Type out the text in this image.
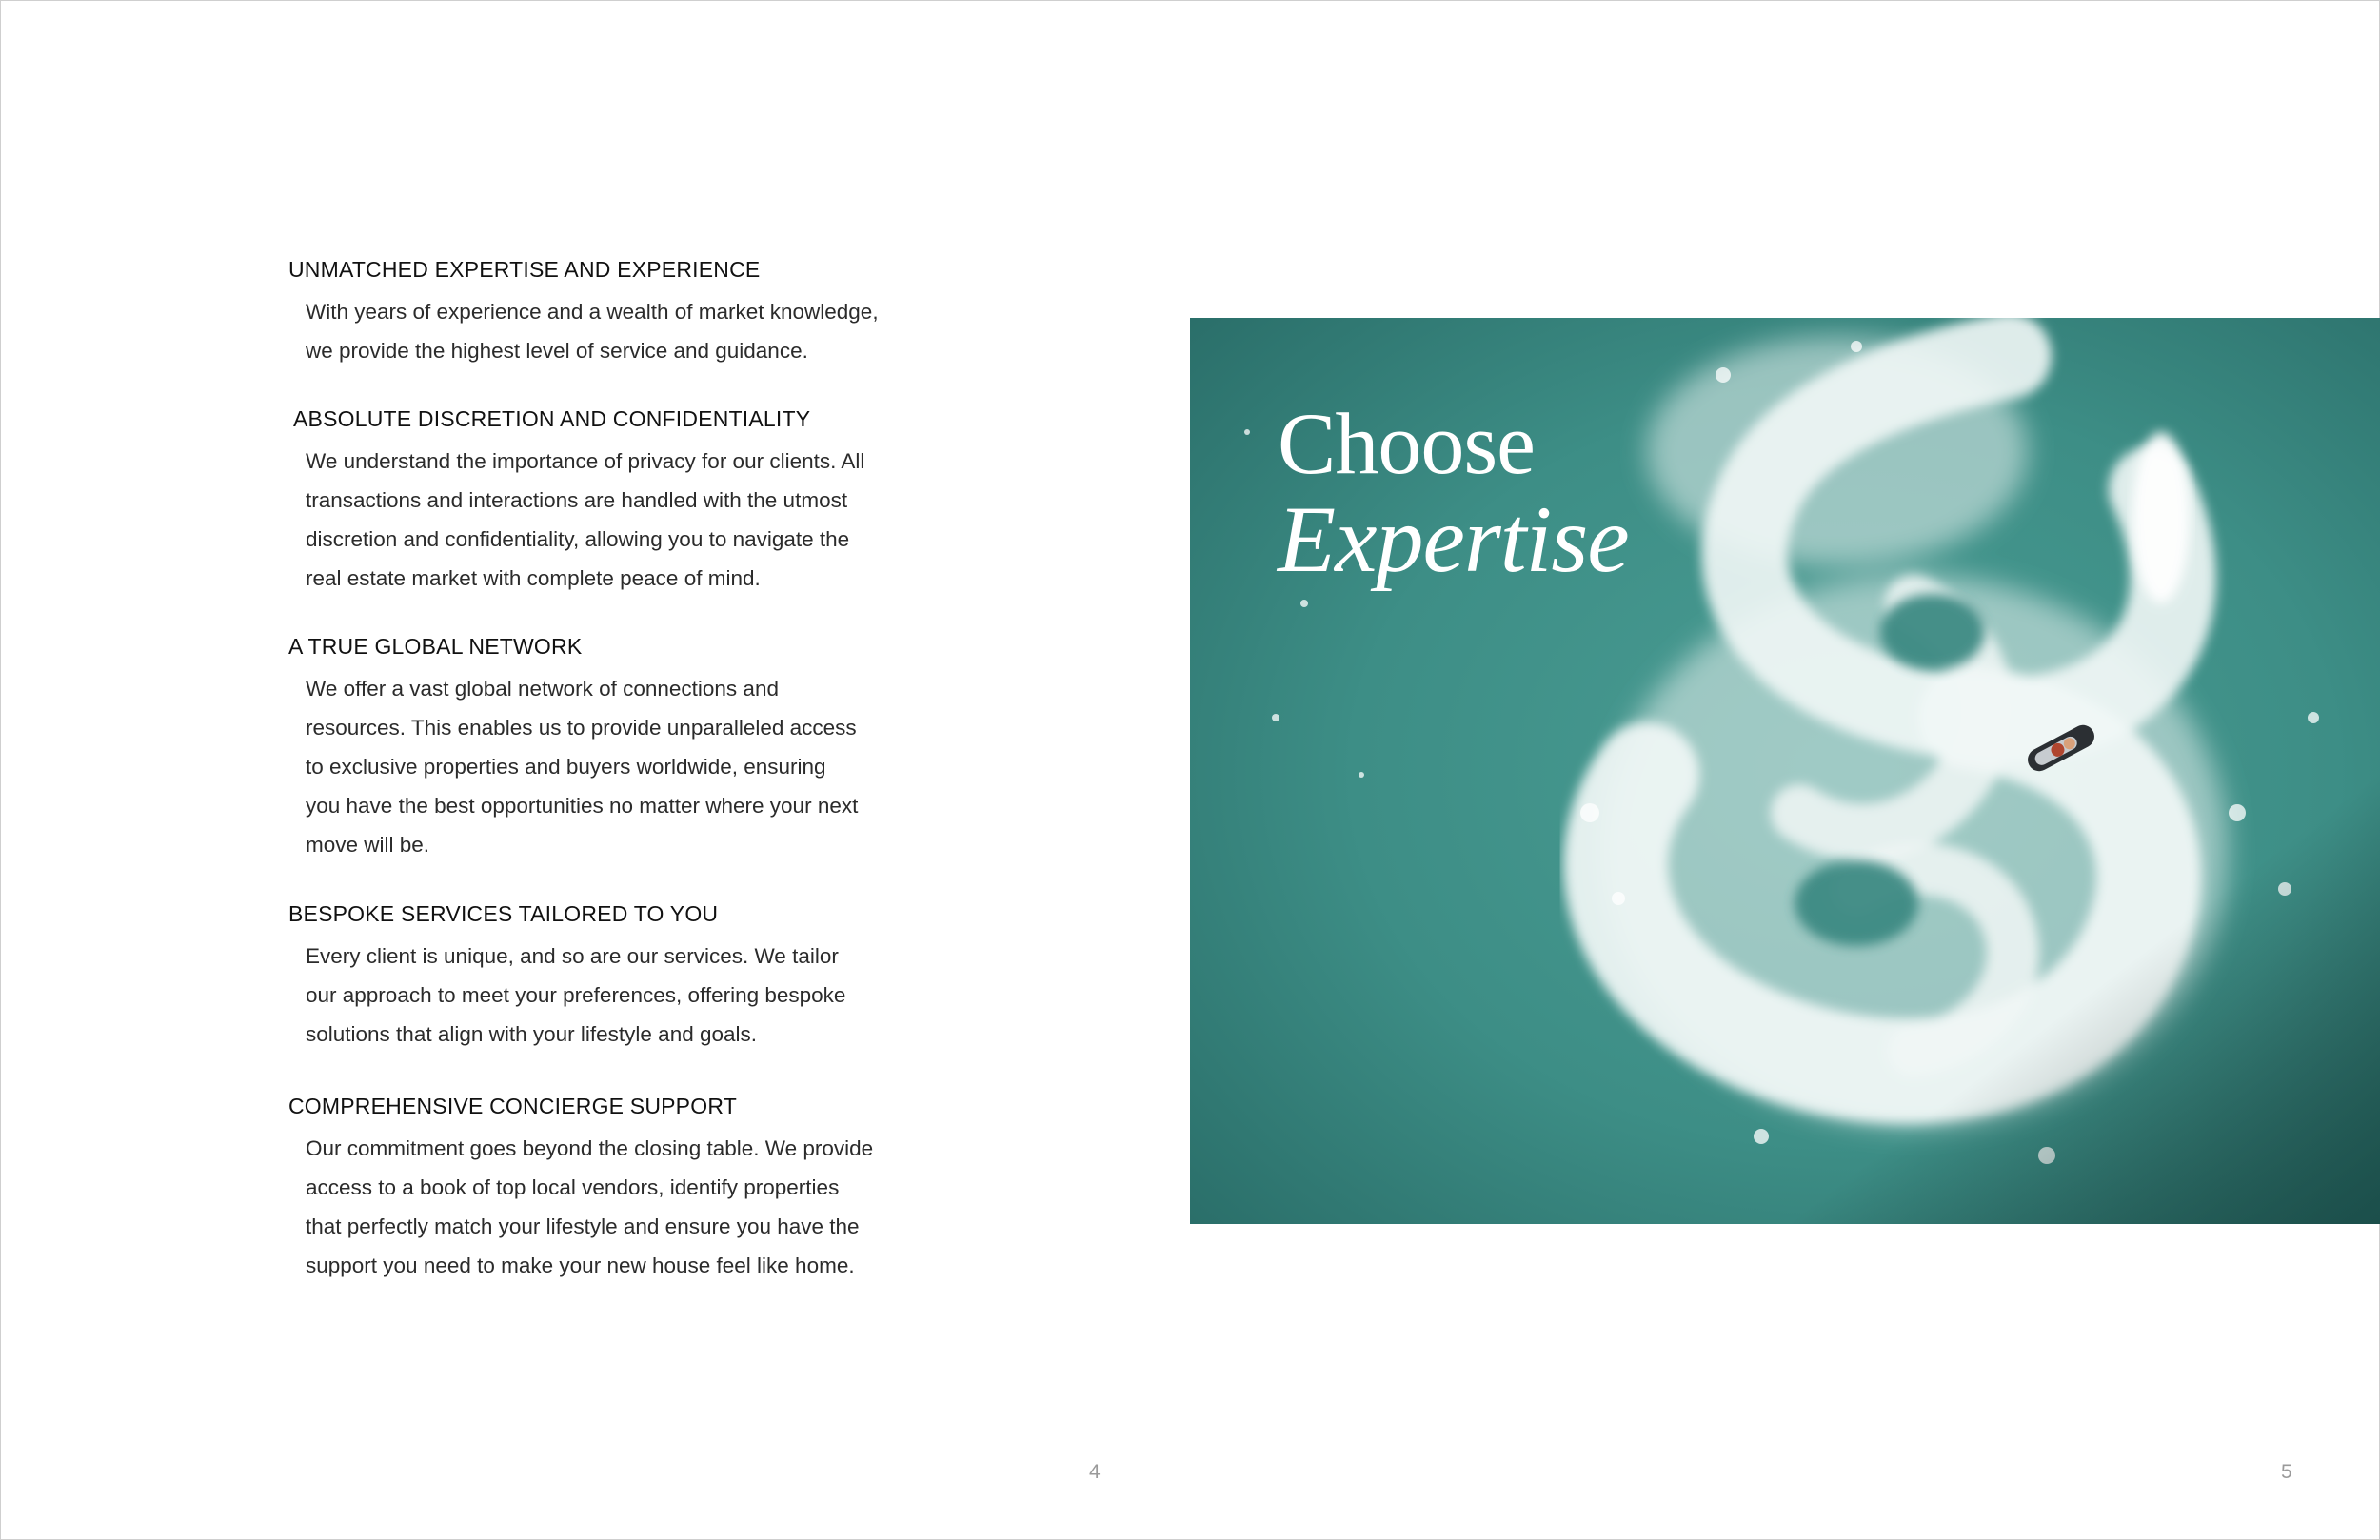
UNMATCHED EXPERTISE AND EXPERIENCE

With years of experience and a wealth of market knowledge,
we provide the highest level of service and guidance.

ABSOLUTE DISCRETION AND CONFIDENTIALITY

We understand the importance of privacy for our clients. All
transactions and interactions are handled with the utmost
discretion and confidentiality, allowing you to navigate the
real estate market with complete peace of mind.

A TRUE GLOBAL NETWORK

We offer a vast global network of connections and
resources. This enables us to provide unparalleled access
to exclusive properties and buyers worldwide, ensuring
you have the best opportunities no matter where your next
move will be.

BESPOKE SERVICES TAILORED TO YOU

Every client is unique, and so are our services. We tailor
our approach to meet your preferences, offering bespoke
solutions that align with your lifestyle and goals.

COMPREHENSIVE CONCIERGE SUPPORT

Our commitment goes beyond the closing table. We provide
access to a book of top local vendors, identify properties
that perfectly match your lifestyle and ensure you have the
support you need to make your new house feel like home.

Choose
Expertise
4	5
